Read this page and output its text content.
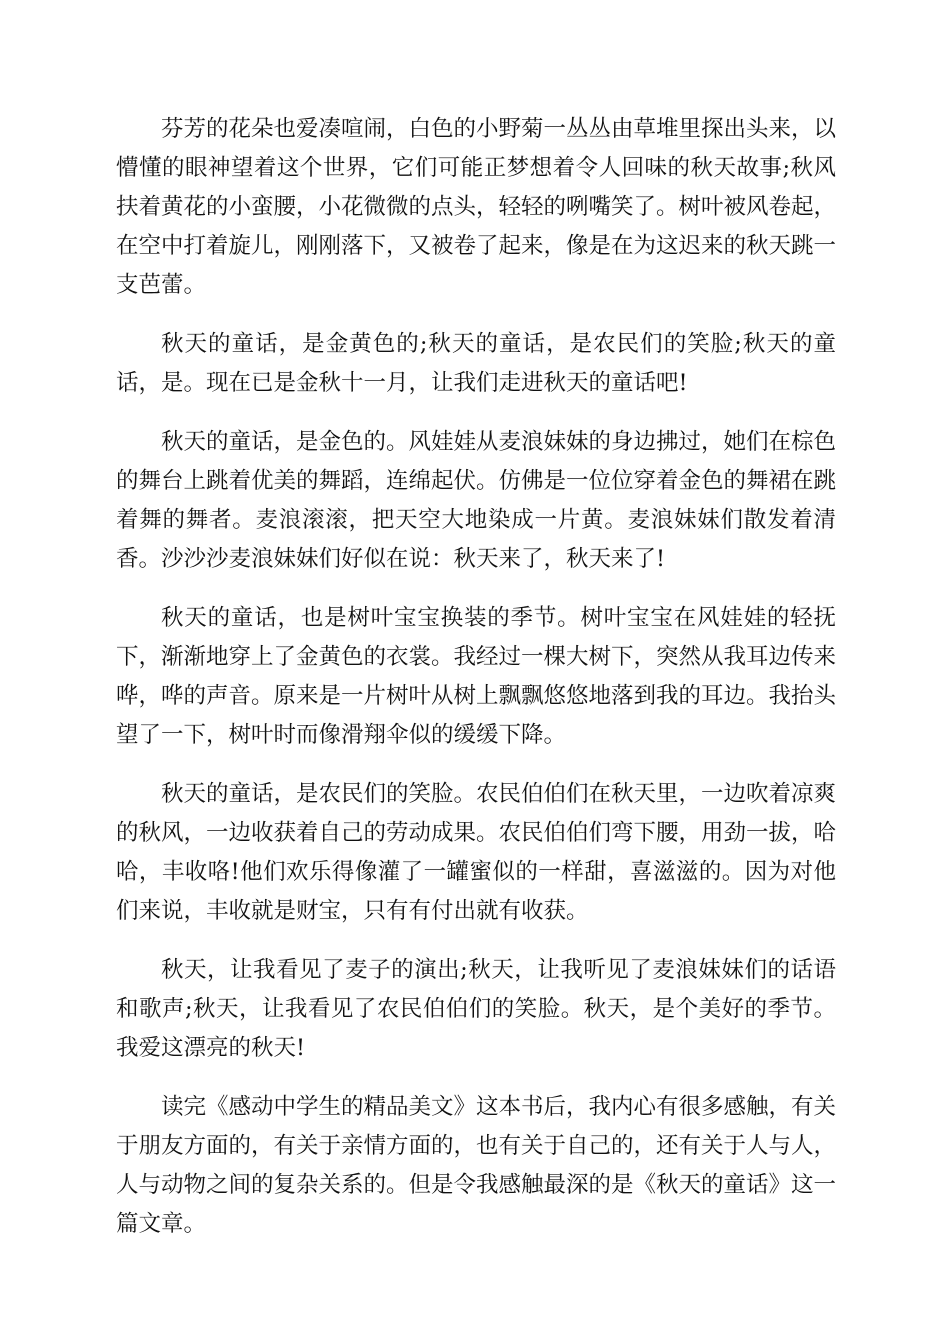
芬芳的花朵也爱凑喧闹，白色的小野菊一丛丛由草堆里探出头来，以懵懂的眼神望着这个世界，它们可能正梦想着令人回味的秋天故事;秋风扶着黄花的小蛮腰，小花微微的点头，轻轻的咧嘴笑了。树叶被风卷起，在空中打着旋儿，刚刚落下，又被卷了起来，像是在为这迟来的秋天跳一支芭蕾。

秋天的童话，是金黄色的;秋天的童话，是农民们的笑脸;秋天的童话，是。现在已是金秋十一月，让我们走进秋天的童话吧!

秋天的童话，是金色的。风娃娃从麦浪妹妹的身边拂过，她们在棕色的舞台上跳着优美的舞蹈，连绵起伏。仿佛是一位位穿着金色的舞裙在跳着舞的舞者。麦浪滚滚，把天空大地染成一片黄。麦浪妹妹们散发着清香。沙沙沙麦浪妹妹们好似在说：秋天来了，秋天来了!

秋天的童话，也是树叶宝宝换装的季节。树叶宝宝在风娃娃的轻抚下，渐渐地穿上了金黄色的衣裳。我经过一棵大树下，突然从我耳边传来哗，哗的声音。原来是一片树叶从树上飘飘悠悠地落到我的耳边。我抬头望了一下，树叶时而像滑翔伞似的缓缓下降。

秋天的童话，是农民们的笑脸。农民伯伯们在秋天里，一边吹着凉爽的秋风，一边收获着自己的劳动成果。农民伯伯们弯下腰，用劲一拔，哈哈，丰收咯!他们欢乐得像灌了一罐蜜似的一样甜，喜滋滋的。因为对他们来说，丰收就是财宝，只有有付出就有收获。

秋天，让我看见了麦子的演出;秋天，让我听见了麦浪妹妹们的话语和歌声;秋天，让我看见了农民伯伯们的笑脸。秋天，是个美好的季节。我爱这漂亮的秋天!

读完《感动中学生的精品美文》这本书后，我内心有很多感触，有关于朋友方面的，有关于亲情方面的，也有关于自己的，还有关于人与人，人与动物之间的复杂关系的。但是令我感触最深的是《秋天的童话》这一篇文章。
